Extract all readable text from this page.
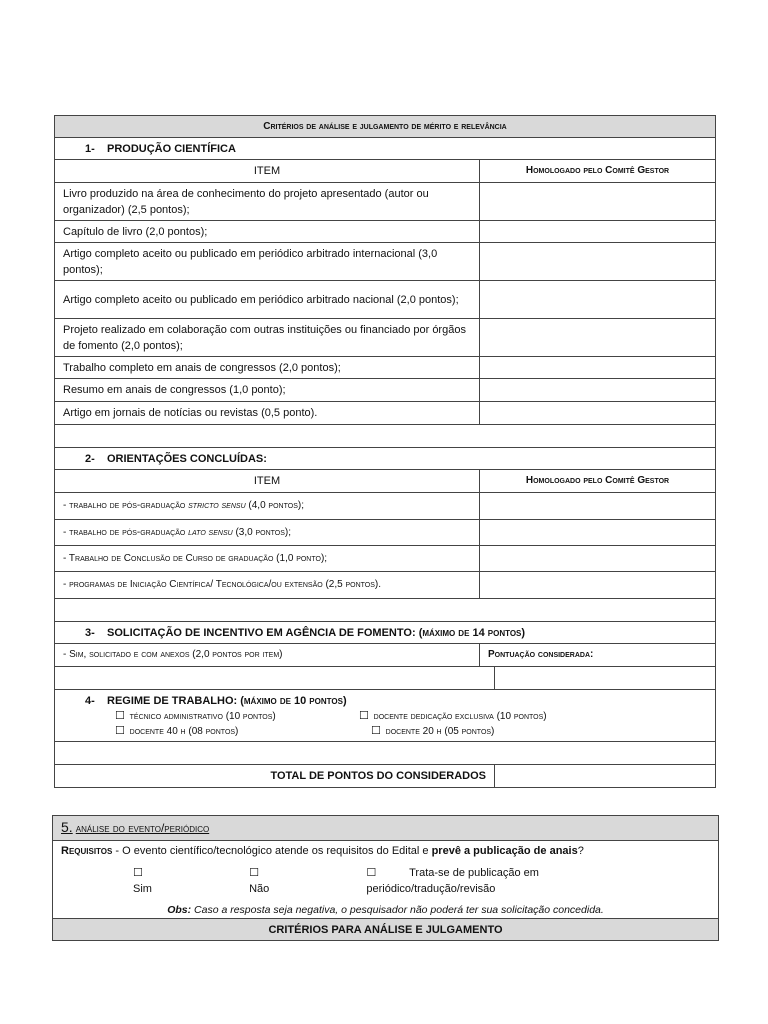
Critérios de análise e julgamento de mérito e relevância		
1- PRODUÇÃO CIENTÍFICA		
ITEM	Homologado pelo Comitê Gestor	
Livro produzido na área de conhecimento do projeto apresentado (autor ou organizador) (2,5 pontos);		
Capítulo de livro (2,0 pontos);		
Artigo completo aceito ou publicado em periódico arbitrado internacional (3,0 pontos);		
Artigo completo aceito ou publicado em periódico arbitrado nacional (2,0 pontos);		
Projeto realizado em colaboração com outras instituições ou financiado por órgãos de fomento (2,0 pontos);		
Trabalho completo em anais de congressos (2,0 pontos);		
Resumo em anais de congressos (1,0 ponto);		
Artigo em jornais de notícias ou revistas (0,5 ponto).		

2- ORIENTAÇÕES CONCLUÍDAS:		
ITEM	Homologado pelo Comitê Gestor	
- trabalho de pós-graduação stricto sensu (4,0 pontos);		
- trabalho de pós-graduação lato sensu (3,0 pontos);		
- Trabalho de Conclusão de Curso de graduação (1,0 ponto);		
- programas de Iniciação Científica/ Tecnológica/ou extensão (2,5 pontos).		

3- SOLICITAÇÃO DE INCENTIVO EM AGÊNCIA DE FOMENTO: (máximo de 14 pontos)		
- Sim, solicitado e com anexos (2,0 pontos por item)	Pontuação considerada:	

4- REGIME DE TRABALHO: (máximo de 10 pontos)
☐ técnico administrativo (10 pontos)
☐ docente 40 h (08 pontos)
☐ docente dedicação exclusiva (10 pontos)
☐ docente 20 h (05 pontos)		

TOTAL DE PONTOS DO CONSIDERADOS		
5. análise do evento/periódico

Requisitos - O evento científico/tecnológico atende os requisitos do Edital e prevê a publicação de anais?
☐ Sim
☐ Não
☐	Trata-se de publicação em periódico/tradução/revisão
Obs: Caso a resposta seja negativa, o pesquisador não poderá ter sua solicitação concedida.

CRITÉRIOS PARA ANÁLISE E JULGAMENTO
